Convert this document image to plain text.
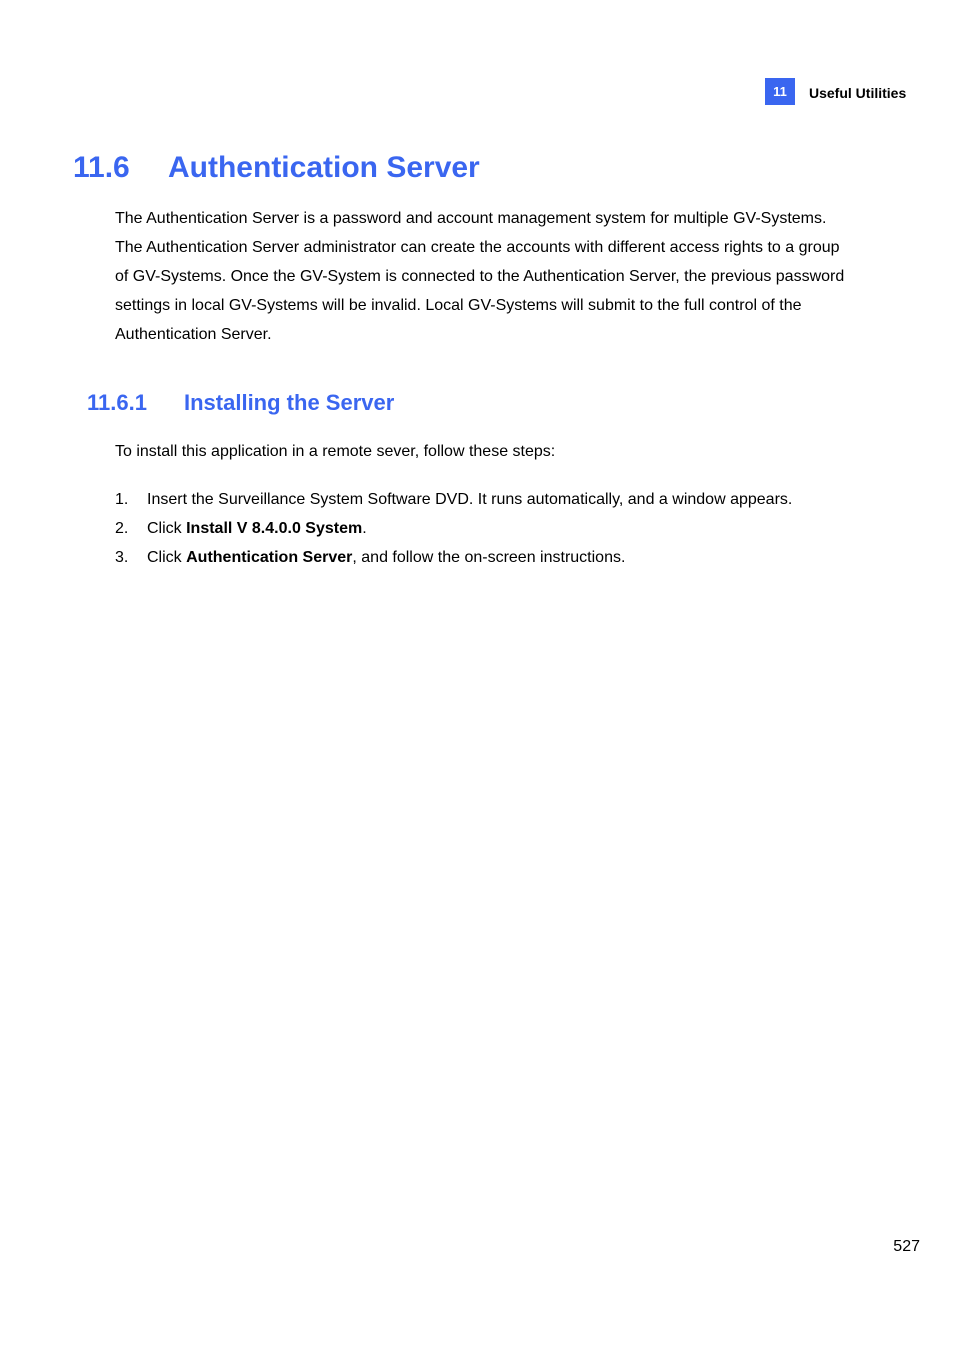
11	Useful Utilities
11.6 Authentication Server

The Authentication Server is a password and account management system for multiple GV-Systems. The Authentication Server administrator can create the accounts with different access rights to a group of GV-Systems. Once the GV-System is connected to the Authentication Server, the previous password settings in local GV-Systems will be invalid. Local GV-Systems will submit to the full control of the Authentication Server.

11.6.1 Installing the Server

To install this application in a remote sever, follow these steps:

1.	Insert the Surveillance System Software DVD. It runs automatically, and a window appears.
2.	Click Install V 8.4.0.0 System.
3.	Click Authentication Server, and follow the on-screen instructions.
527
